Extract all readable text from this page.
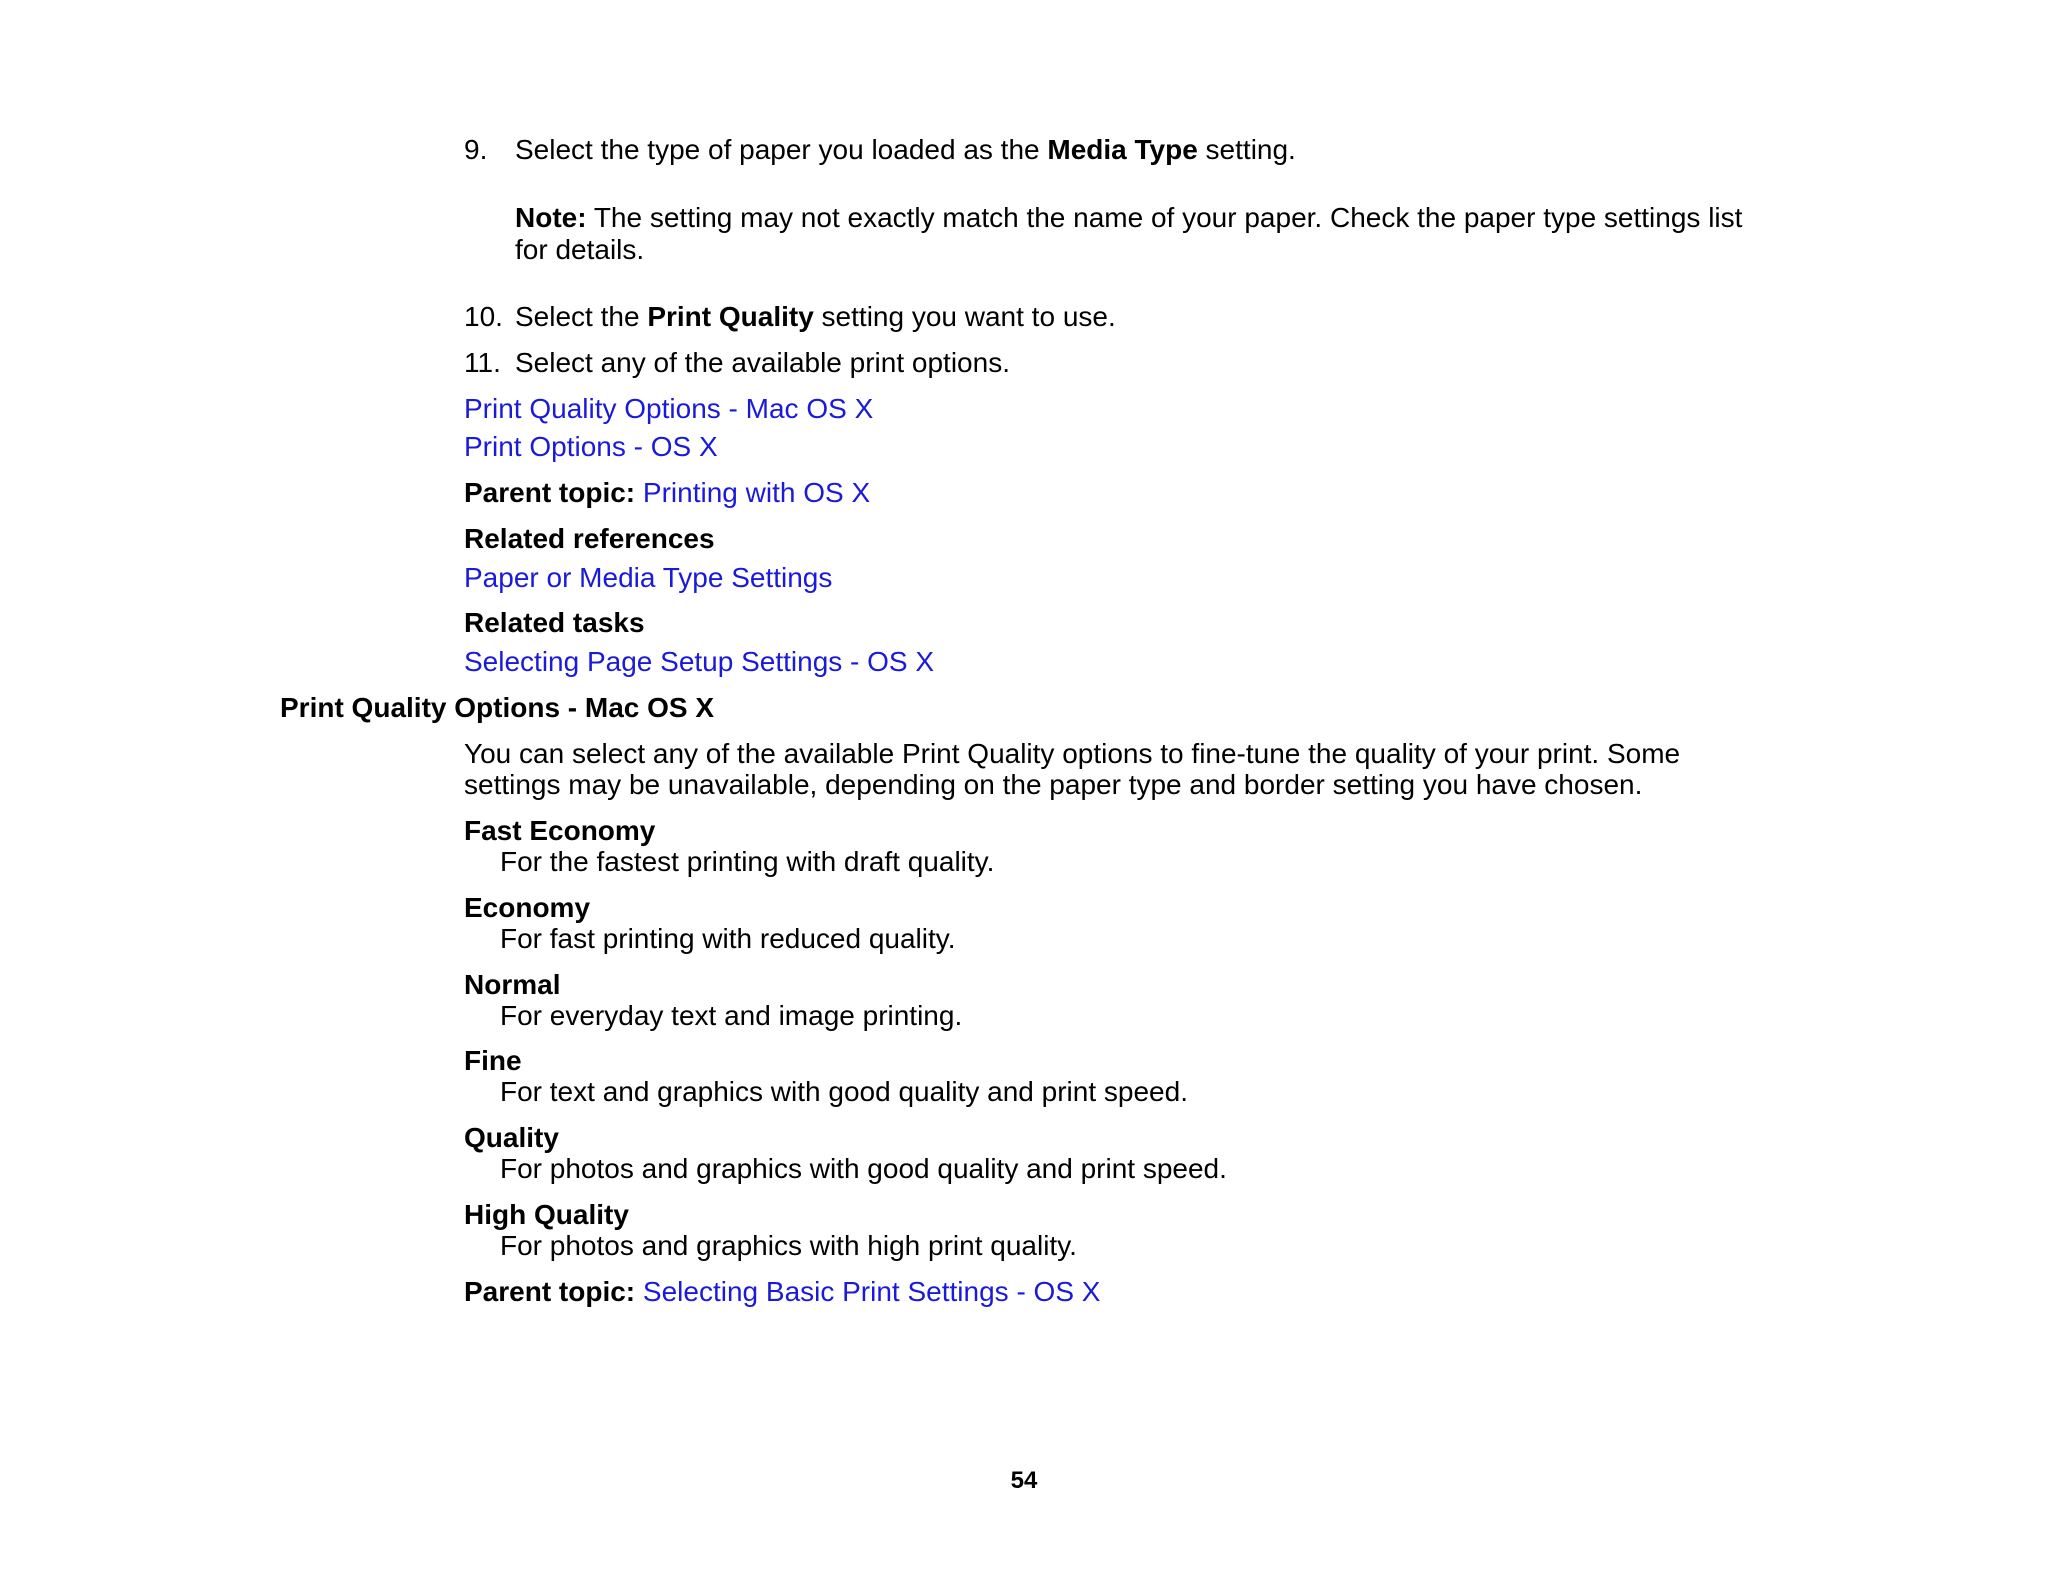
9. Select the type of paper you loaded as the Media Type setting.
Note: The setting may not exactly match the name of your paper. Check the paper type settings list
for details.
10. Select the Print Quality setting you want to use.
11. Select any of the available print options.
Print Quality Options - Mac OS X
Print Options - OS X
Parent topic: Printing with OS X
Related references
Paper or Media Type Settings
Related tasks
Selecting Page Setup Settings - OS X
Print Quality Options - Mac OS X
You can select any of the available Print Quality options to fine-tune the quality of your print. Some
settings may be unavailable, depending on the paper type and border setting you have chosen.
Fast Economy
For the fastest printing with draft quality.
Economy
For fast printing with reduced quality.
Normal
For everyday text and image printing.
Fine
For text and graphics with good quality and print speed.
Quality
For photos and graphics with good quality and print speed.
High Quality
For photos and graphics with high print quality.
Parent topic: Selecting Basic Print Settings - OS X
54
